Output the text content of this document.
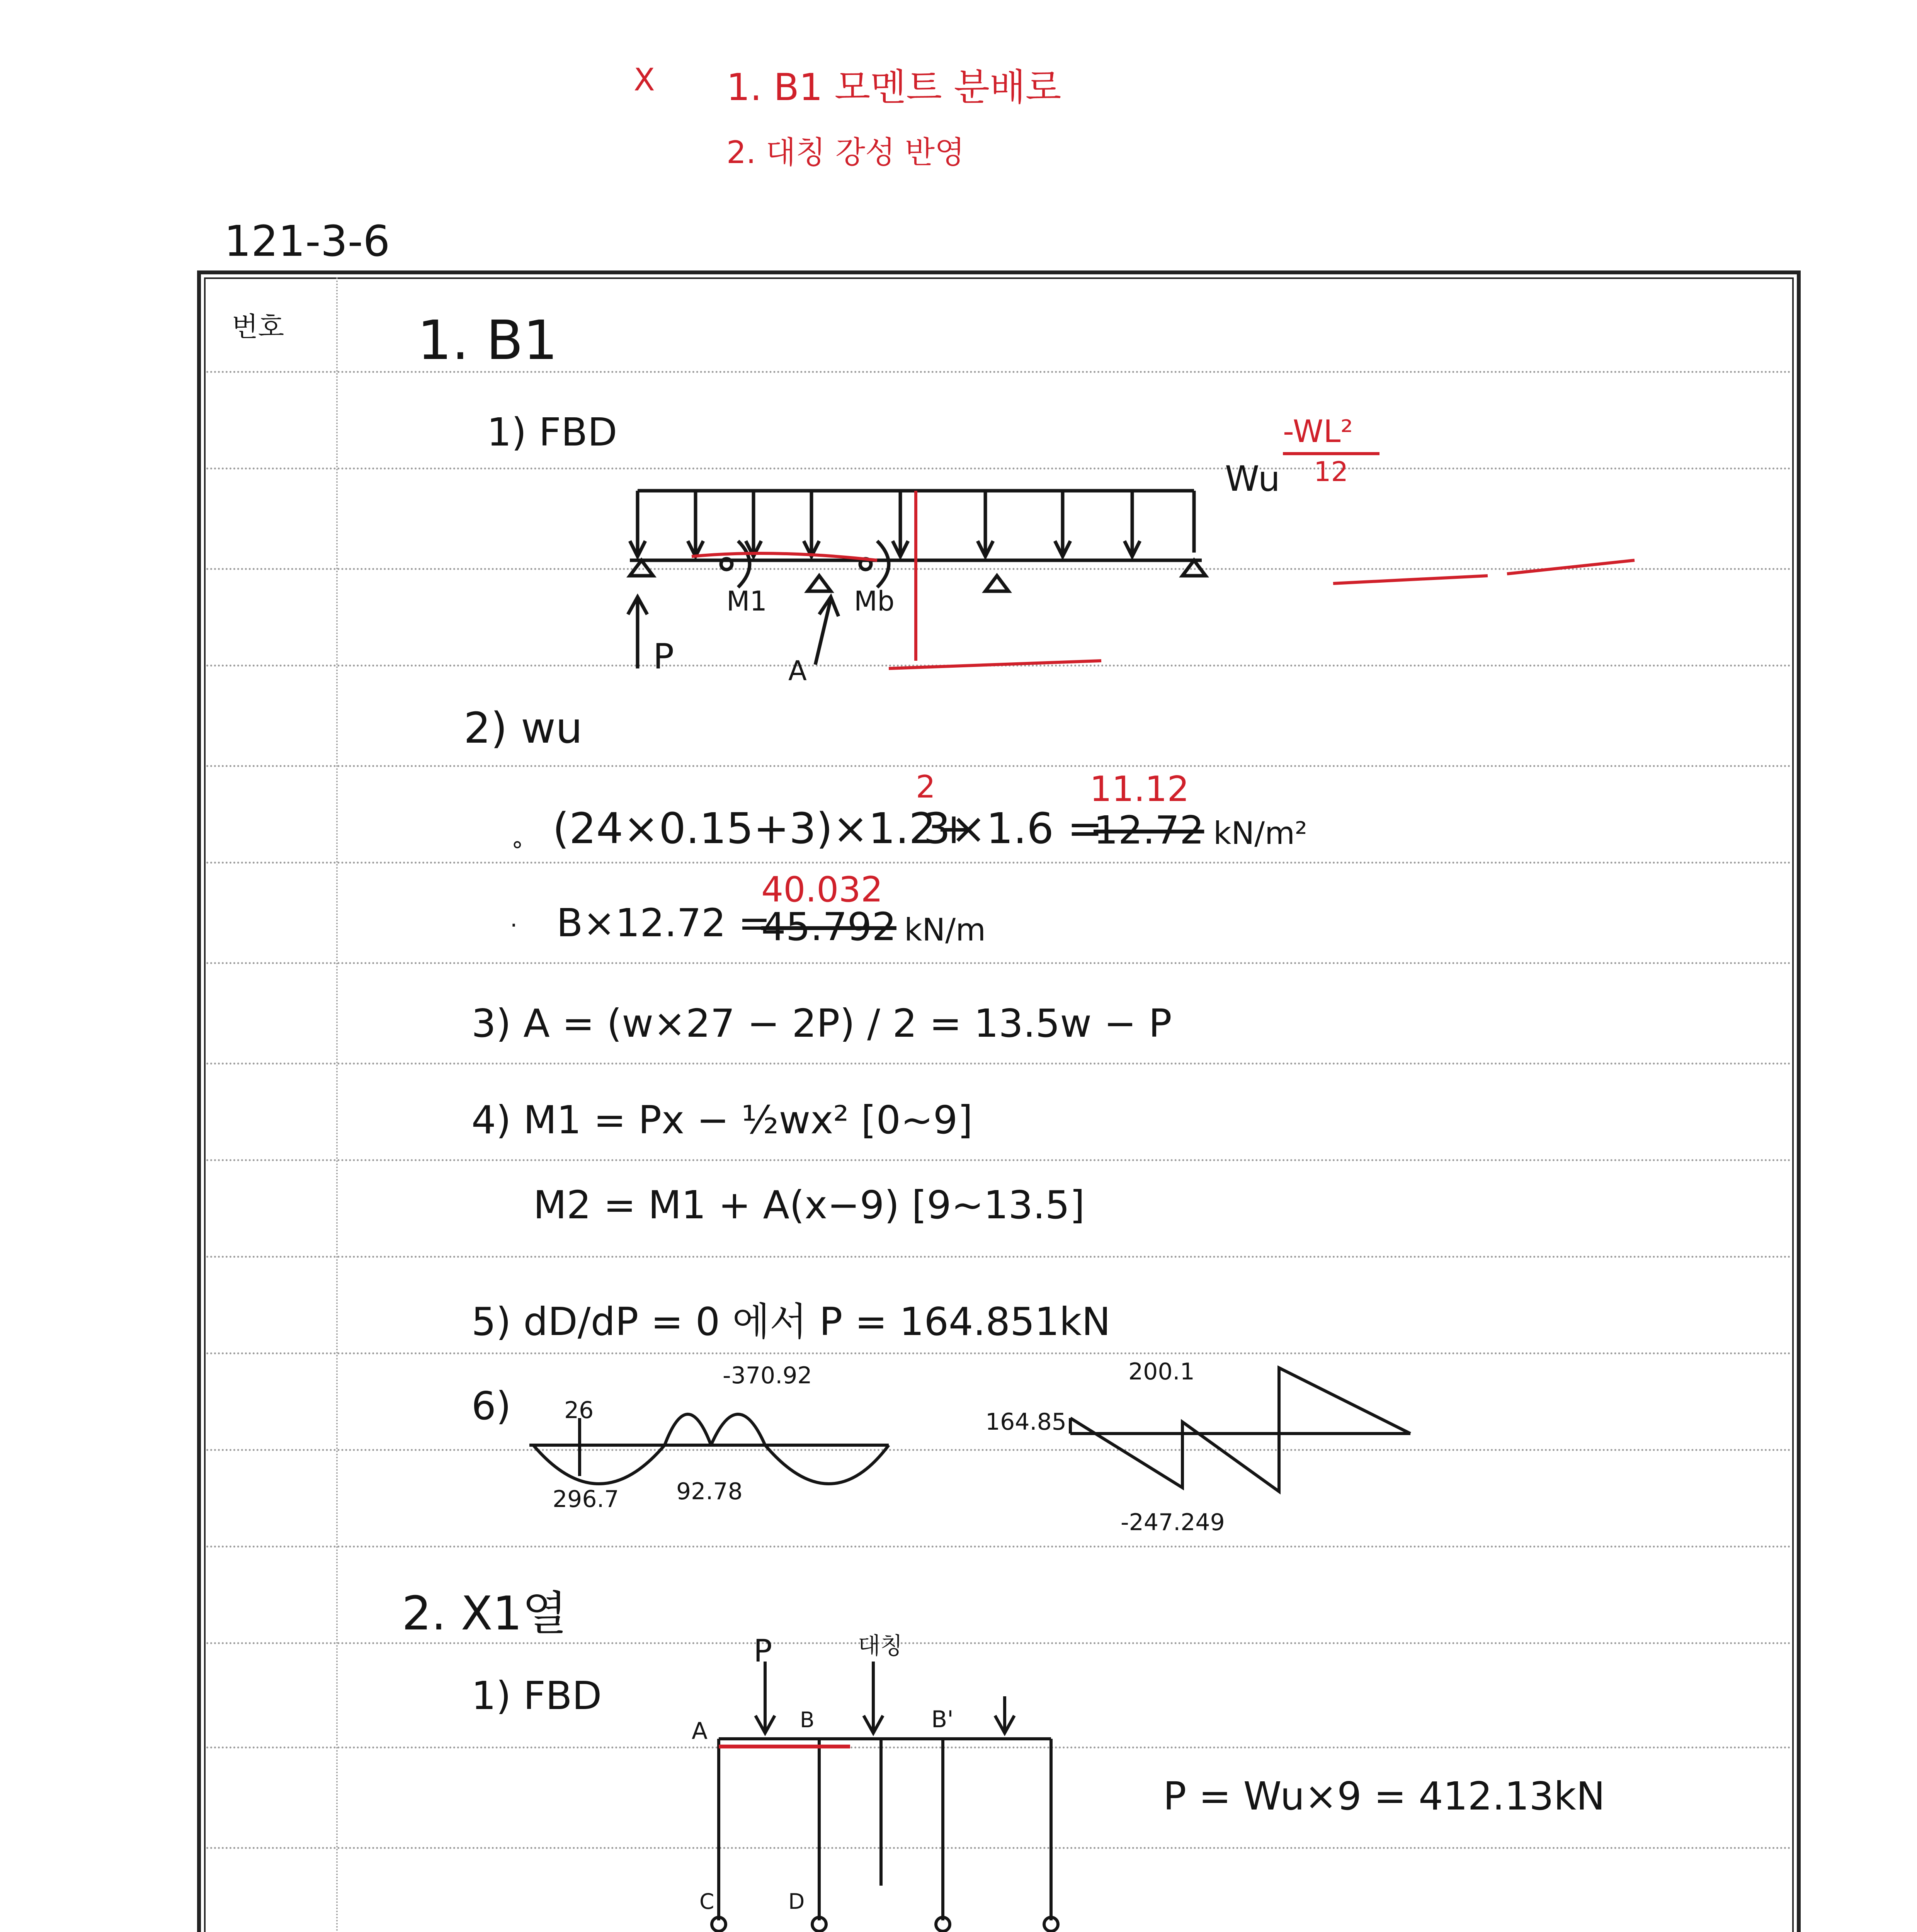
X 1. B1 모멘트 분배로
2. 대칭 강성 반영
121-3-6
번호 1. B1
1) FBD
Wu
M1	Mb
P	A
-WL²
12
2) wu
∘ (24×0.15+3)×1.2+
2
3×1.6 =
11.12
12.72 kN/m²
· B×12.72 =
40.032
45.792 kN/m
3) A = (w×27 − 2P) / 2 = 13.5w − P
4) M1 = Px − ½wx² [0~9]
M2 = M1 + A(x−9) [9~13.5]
5) dD/dP = 0 에서 P = 164.851kN
6) 26
-370.92
296.7 92.78
200.1
164.85
-247.249
2. X1열
1) FBD
P	대칭
A	B	B'
C	D
P = Wu×9 = 412.13kN
